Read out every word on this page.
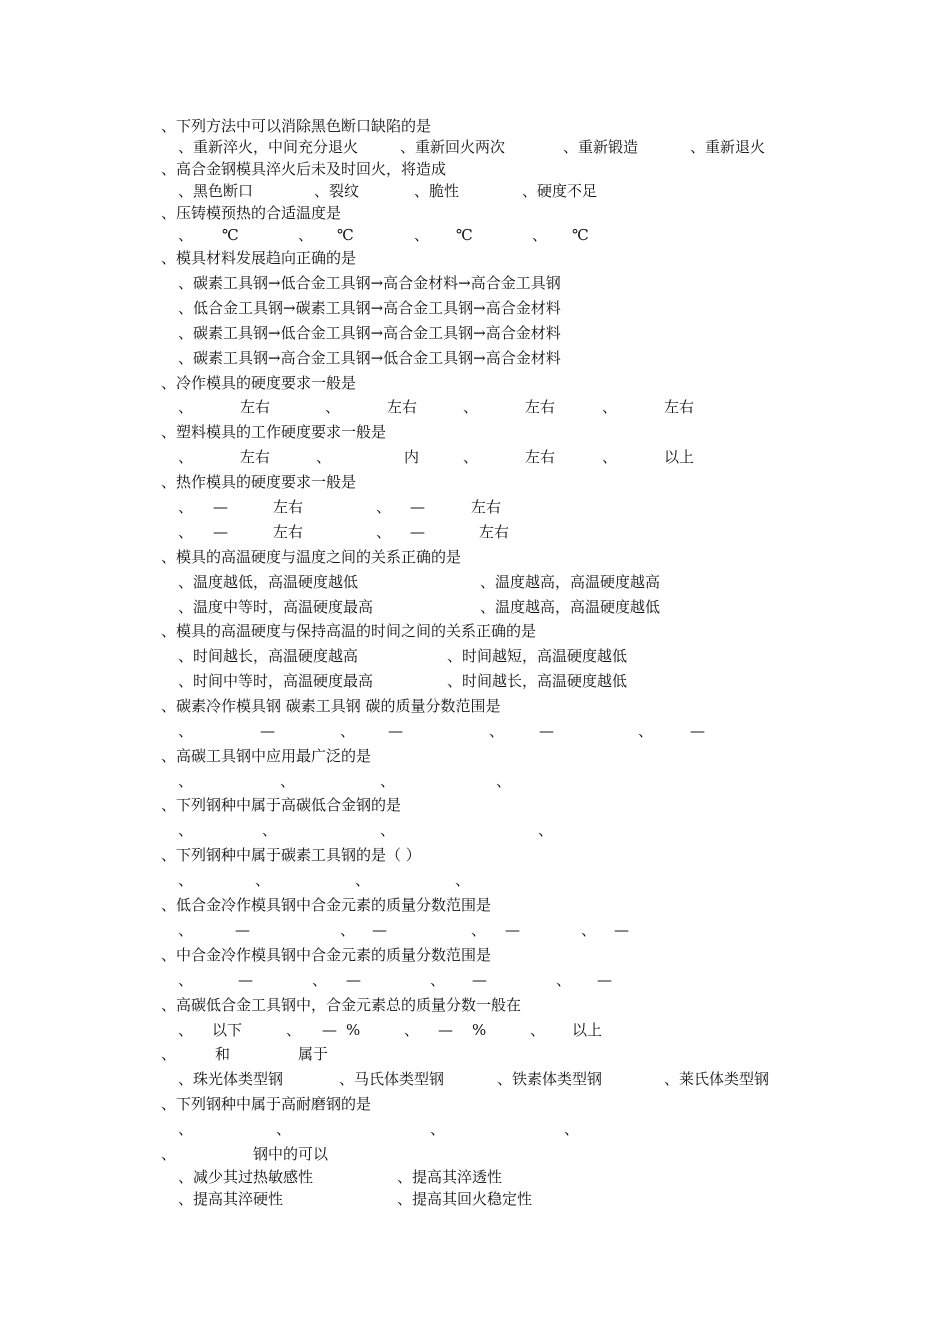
、下列方法中可以消除黑色断口缺陷的是
、重新淬火，中间充分退火	、重新回火两次	、重新锻造	、重新退火
、高合金钢模具淬火后未及时回火，将造成
、黑色断口	、裂纹	、脆性	、硬度不足
、压铸模预热的合适温度是
、 ℃	、 ℃	、 ℃	、 ℃
、模具材料发展趋向正确的是
、碳素工具钢→低合金工具钢→高合金材料→高合金工具钢
、低合金工具钢→碳素工具钢→高合金工具钢→高合金材料
、碳素工具钢→低合金工具钢→高合金工具钢→高合金材料
、碳素工具钢→高合金工具钢→低合金工具钢→高合金材料
、冷作模具的硬度要求一般是
、	左右	、	左右	、	左右	、	左右
、塑料模具的工作硬度要求一般是
、	左右	、	内	、	左右	、	以上
、热作模具的硬度要求一般是
、 —	左右	、 —	左右
、 —	左右	、 —	左右
、模具的高温硬度与温度之间的关系正确的是
、温度越低，高温硬度越低	、温度越高，高温硬度越高
、温度中等时，高温硬度最高	、温度越高，高温硬度越低
、模具的高温硬度与保持高温的时间之间的关系正确的是
、时间越长，高温硬度越高	、时间越短，高温硬度越低
、时间中等时，高温硬度最高	、时间越长，高温硬度越低
、碳素冷作模具钢 碳素工具钢 碳的质量分数范围是
、	—	、 —	、 —	、 —
、高碳工具钢中应用最广泛的是
、	、	、	、
、下列钢种中属于高碳低合金钢的是
、	、	、	、
、下列钢种中属于碳素工具钢的是（ ）
、	、	、	、
、低合金冷作模具钢中合金元素的质量分数范围是
、	—	、 —	、 —	、 —
、中合金冷作模具钢中合金元素的质量分数范围是
、	—	、 —	、 —	、 —
、高碳低合金工具钢中，合金元素总的质量分数一般在
、 以下	、 — %	、 — %	、 以上
、	和	属于
、珠光体类型钢	、马氏体类型钢	、铁素体类型钢	、莱氏体类型钢
、下列钢种中属于高耐磨钢的是
、	、	、	、
、	钢中的 可以
、减少其过热敏感性	、提高其淬透性
、提高其淬硬性	、提高其回火稳定性
